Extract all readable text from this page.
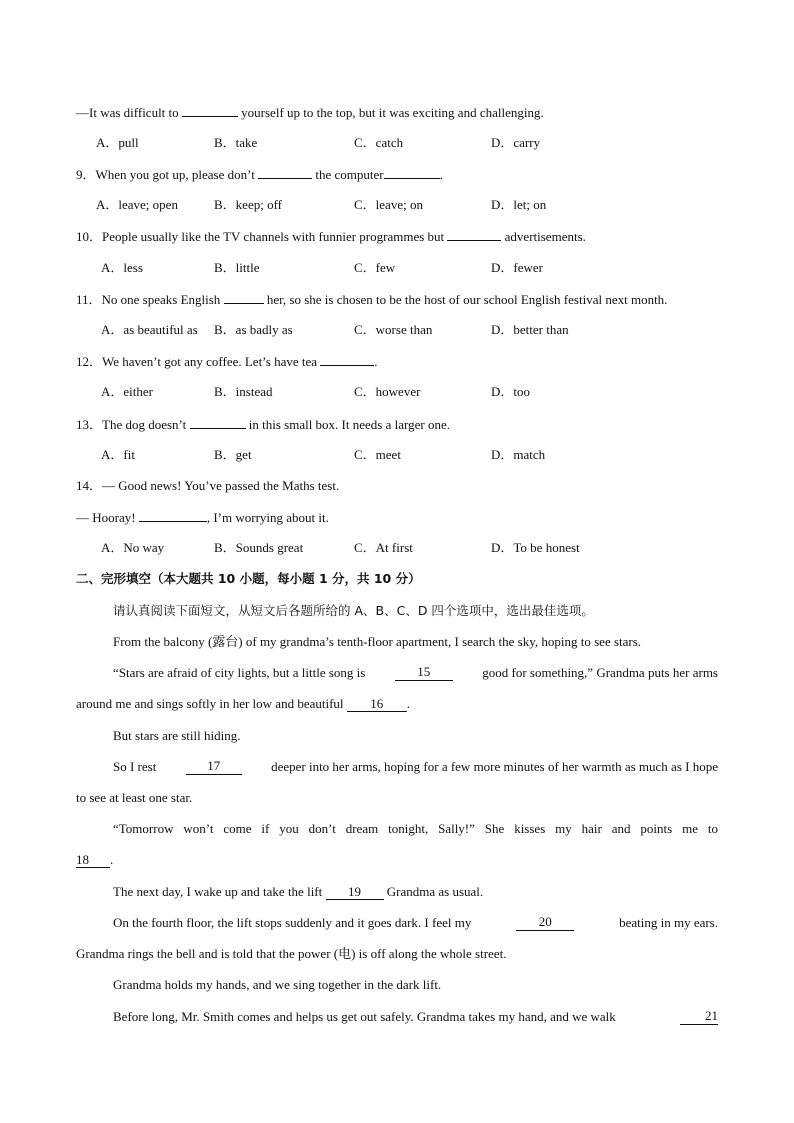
—It was difficult to	yourself up to the top, but it was exciting and challenging.
A．pull	B．take	C．catch	D．carry
9．When you got up, please don’t	the computer	.
A．leave; open	B．keep; off	C．leave; on	D．let; on
10．People usually like the TV channels with funnier programmes but	advertisements.
A．less	B．little	C．few	D．fewer
11．No one speaks English	her, so she is chosen to be the host of our school English festival next month.
A．as beautiful as B．as badly as	C．worse than	D．better than
12．We haven’t got any coffee. Let’s have tea	.
A．either	B．instead	C．however	D．too
13．The dog doesn’t	in this small box. It needs a larger one.
A．fit	B．get	C．meet	D．match
14．— Good news! You’ve passed the Maths test.
— Hooray!	, I’m worrying about it.
A．No way	B．Sounds great	C．At first	D．To be honest
二、完形填空（本大题共 10 小题，每小题 1 分，共 10 分）
请认真阅读下面短文，从短文后各题所给的 A、B、C、D 四个选项中，选出最佳选项。
From the balcony (露台) of my grandma’s tenth-floor apartment, I search the sky, hoping to see stars.
“Stars are afraid of city lights, but a little song is	15	good for something,” Grandma puts her arms
around me and sings softly in her low and beautiful 16 .
But stars are still hiding.
So I rest	17	deeper into her arms, hoping for a few more minutes of her warmth as much as I hope
to see at least one star.
“Tomorrow won’t come if you don’t dream tonight, Sally!” She kisses my hair and points me to
18 .
The next day, I wake up and take the lift 19 Grandma as usual.
On the fourth floor, the lift stops suddenly and it goes dark. I feel my	20	beating in my ears.
Grandma rings the bell and is told that the power (电) is off along the whole street.
Grandma holds my hands, and we sing together in the dark lift.
Before long, Mr. Smith comes and helps us get out safely. Grandma takes my hand, and we walk	21
